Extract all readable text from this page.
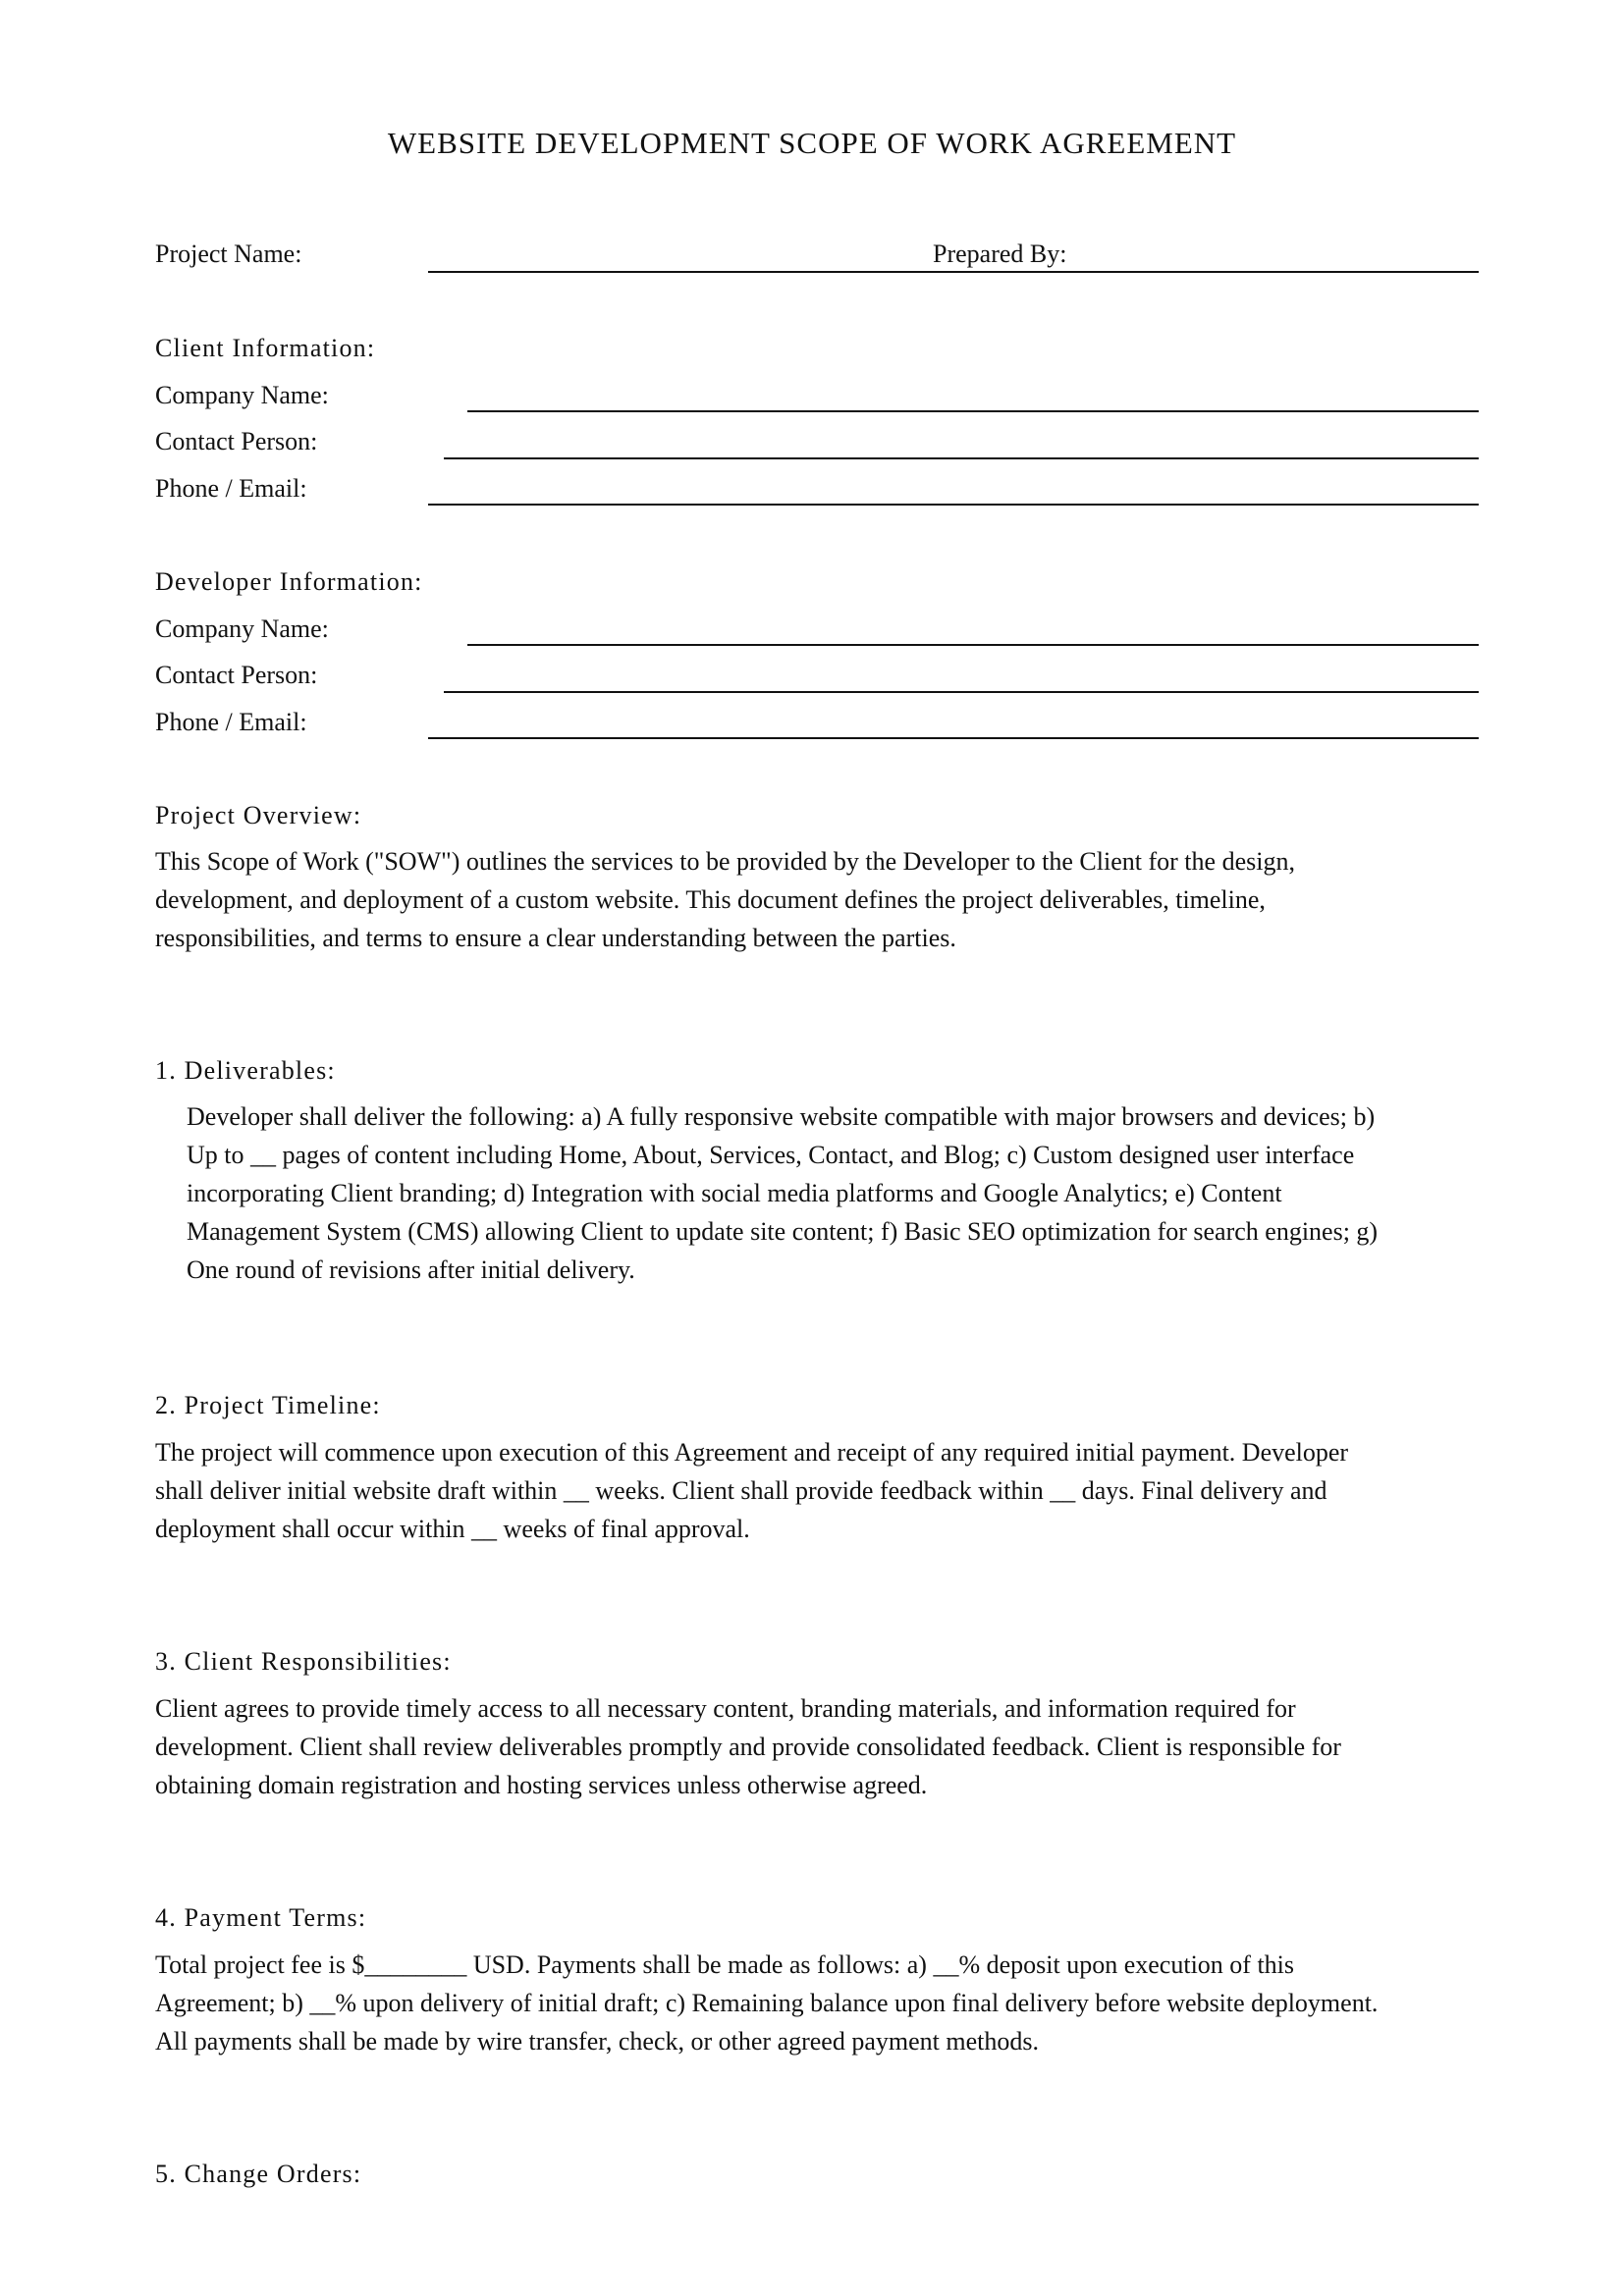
WEBSITE DEVELOPMENT SCOPE OF WORK AGREEMENT
Project Name:	Prepared By:
Client Information:
Company Name:
Contact Person:
Phone / Email:
Developer Information:
Company Name:
Contact Person:
Phone / Email:
Project Overview:
This Scope of Work ("SOW") outlines the services to be provided by the Developer to the Client for the design,
development, and deployment of a custom website. This document defines the project deliverables, timeline,
responsibilities, and terms to ensure a clear understanding between the parties.
1. Deliverables:
Developer shall deliver the following: a) A fully responsive website compatible with major browsers and devices; b)
Up to __ pages of content including Home, About, Services, Contact, and Blog; c) Custom designed user interface
incorporating Client branding; d) Integration with social media platforms and Google Analytics; e) Content
Management System (CMS) allowing Client to update site content; f) Basic SEO optimization for search engines; g)
One round of revisions after initial delivery.
2. Project Timeline:
The project will commence upon execution of this Agreement and receipt of any required initial payment. Developer
shall deliver initial website draft within __ weeks. Client shall provide feedback within __ days. Final delivery and
deployment shall occur within __ weeks of final approval.
3. Client Responsibilities:
Client agrees to provide timely access to all necessary content, branding materials, and information required for
development. Client shall review deliverables promptly and provide consolidated feedback. Client is responsible for
obtaining domain registration and hosting services unless otherwise agreed.
4. Payment Terms:
Total project fee is $________ USD. Payments shall be made as follows: a) __% deposit upon execution of this
Agreement; b) __% upon delivery of initial draft; c) Remaining balance upon final delivery before website deployment.
All payments shall be made by wire transfer, check, or other agreed payment methods.
5. Change Orders:
